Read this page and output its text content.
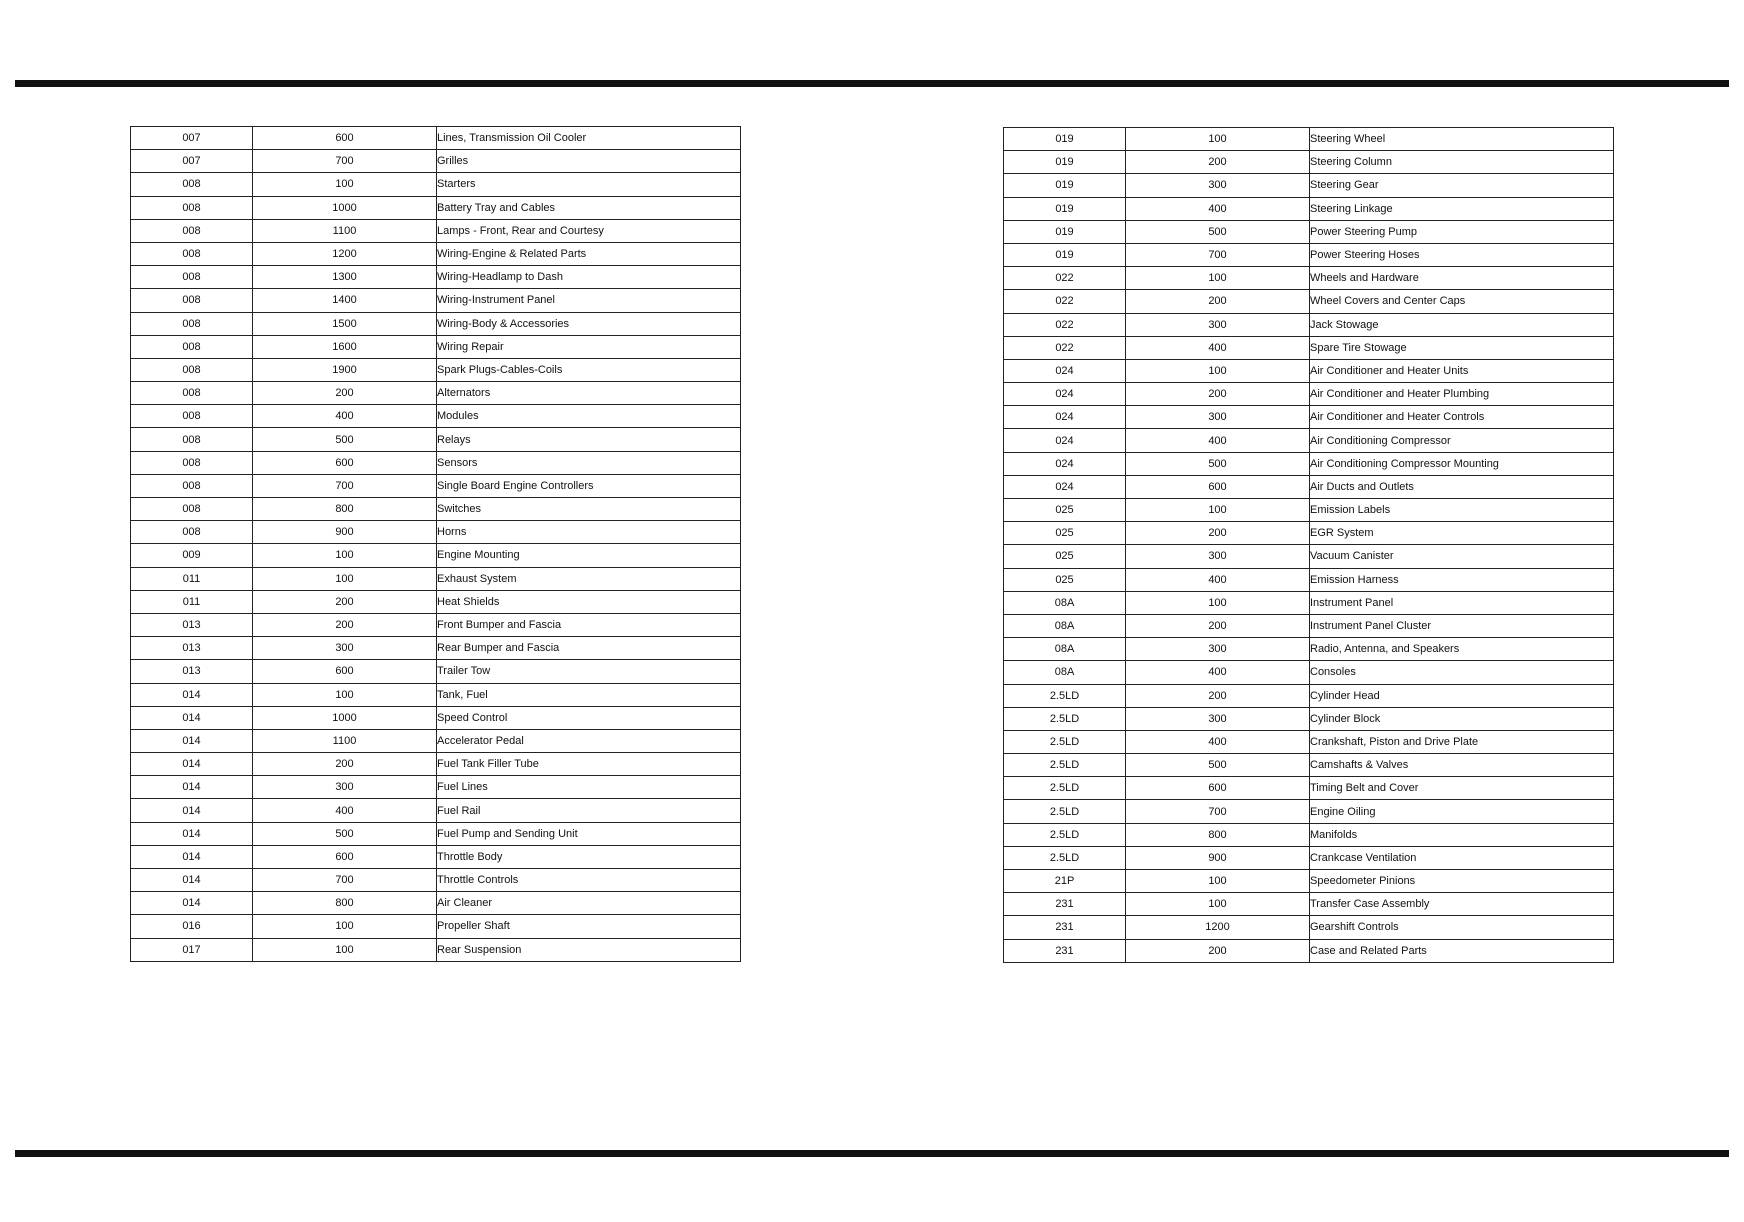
007	600	Lines, Transmission Oil Cooler
007	700	Grilles
008	100	Starters
008	1000	Battery Tray and Cables
008	1100	Lamps - Front, Rear and Courtesy
008	1200	Wiring-Engine & Related Parts
008	1300	Wiring-Headlamp to Dash
008	1400	Wiring-Instrument Panel
008	1500	Wiring-Body & Accessories
008	1600	Wiring Repair
008	1900	Spark Plugs-Cables-Coils
008	200	Alternators
008	400	Modules
008	500	Relays
008	600	Sensors
008	700	Single Board Engine Controllers
008	800	Switches
008	900	Horns
009	100	Engine Mounting
011	100	Exhaust System
011	200	Heat Shields
013	200	Front Bumper and Fascia
013	300	Rear Bumper and Fascia
013	600	Trailer Tow
014	100	Tank, Fuel
014	1000	Speed Control
014	1100	Accelerator Pedal
014	200	Fuel Tank Filler Tube
014	300	Fuel Lines
014	400	Fuel Rail
014	500	Fuel Pump and Sending Unit
014	600	Throttle Body
014	700	Throttle Controls
014	800	Air Cleaner
016	100	Propeller Shaft
017	100	Rear Suspension
019	100	Steering Wheel
019	200	Steering Column
019	300	Steering Gear
019	400	Steering Linkage
019	500	Power Steering Pump
019	700	Power Steering Hoses
022	100	Wheels and Hardware
022	200	Wheel Covers and Center Caps
022	300	Jack Stowage
022	400	Spare Tire Stowage
024	100	Air Conditioner and Heater Units
024	200	Air Conditioner and Heater Plumbing
024	300	Air Conditioner and Heater Controls
024	400	Air Conditioning Compressor
024	500	Air Conditioning Compressor Mounting
024	600	Air Ducts and Outlets
025	100	Emission Labels
025	200	EGR System
025	300	Vacuum Canister
025	400	Emission Harness
08A	100	Instrument Panel
08A	200	Instrument Panel Cluster
08A	300	Radio, Antenna, and Speakers
08A	400	Consoles
2.5LD	200	Cylinder Head
2.5LD	300	Cylinder Block
2.5LD	400	Crankshaft, Piston and Drive Plate
2.5LD	500	Camshafts & Valves
2.5LD	600	Timing Belt and Cover
2.5LD	700	Engine Oiling
2.5LD	800	Manifolds
2.5LD	900	Crankcase Ventilation
21P	100	Speedometer Pinions
231	100	Transfer Case Assembly
231	1200	Gearshift Controls
231	200	Case and Related Parts
